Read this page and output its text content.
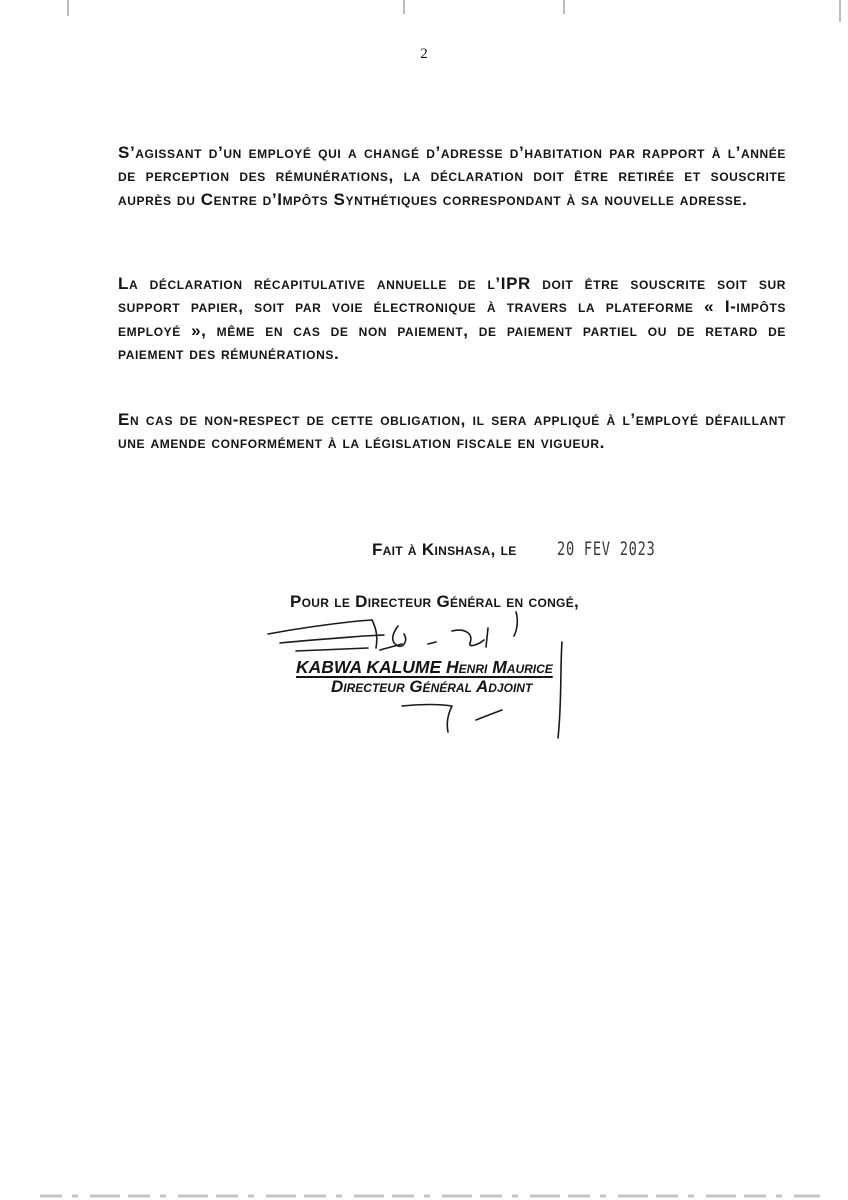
2

S’agissant d’un employé qui a changé d’adresse d’habitation par rapport à l’année de perception des rémunérations, la déclaration doit être retirée et souscrite auprès du Centre d’Impôts Synthétiques correspondant à sa nouvelle adresse.

La déclaration récapitulative annuelle de l’IPR doit être souscrite soit sur support papier, soit par voie électronique à travers la plateforme « I-impôts employé », même en cas de non paiement, de paiement partiel ou de retard de paiement des rémunérations.

En cas de non-respect de cette obligation, il sera appliqué à l’employé défaillant une amende conformément à la législation fiscale en vigueur.

Fait à Kinshasa, le 20 FEV 2023
Pour le Directeur Général en congé,
KABWA KALUME Henri Maurice
Directeur Général Adjoint
